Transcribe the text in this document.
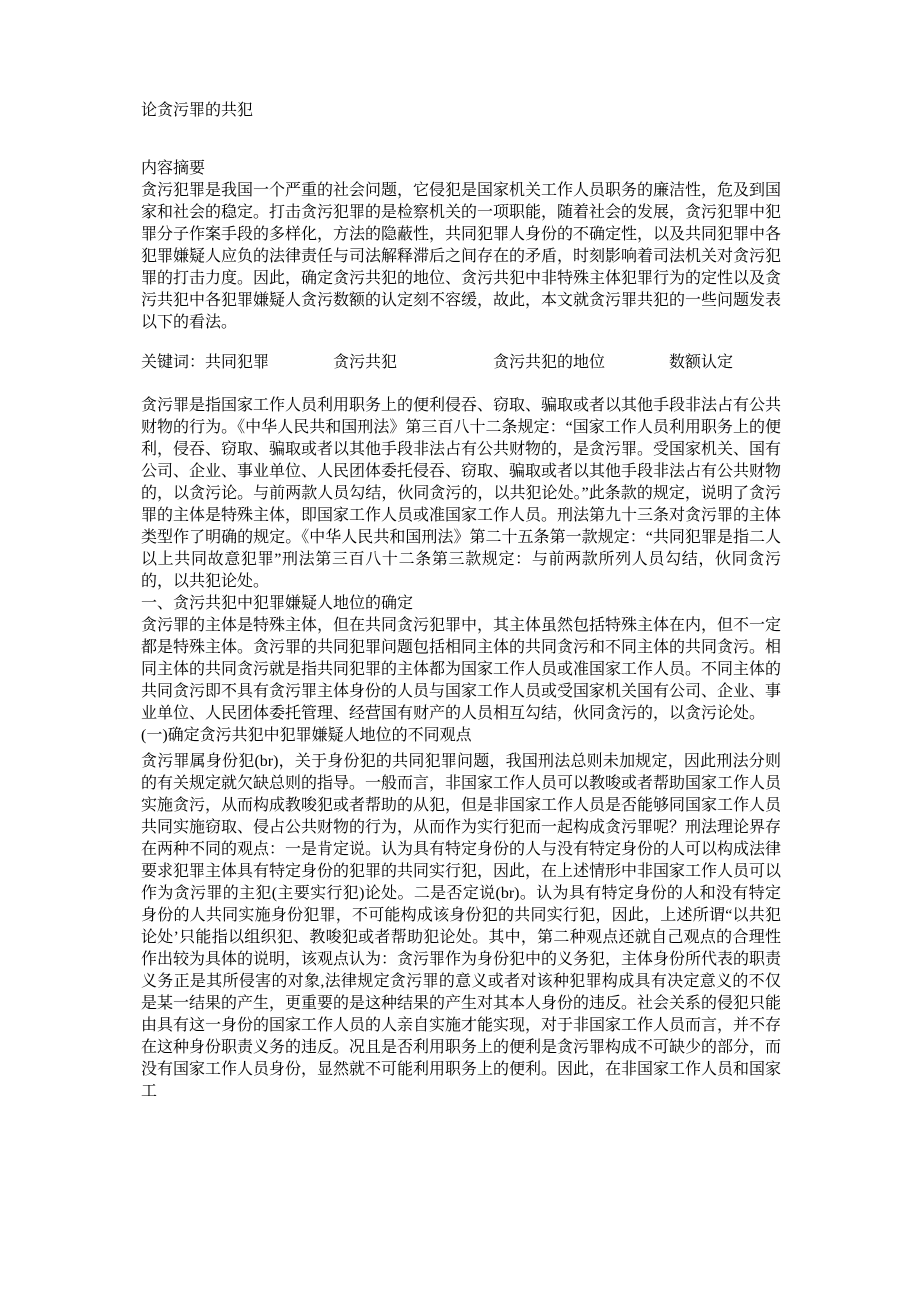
论贪污罪的共犯

内容摘要

贪污犯罪是我国一个严重的社会问题，它侵犯是国家机关工作人员职务的廉洁性，危及到国家和社会的稳定。打击贪污犯罪的是检察机关的一项职能，随着社会的发展，贪污犯罪中犯罪分子作案手段的多样化，方法的隐蔽性，共同犯罪人身份的不确定性，以及共同犯罪中各犯罪嫌疑人应负的法律责任与司法解释滞后之间存在的矛盾，时刻影响着司法机关对贪污犯罪的打击力度。因此，确定贪污共犯的地位、贪污共犯中非特殊主体犯罪行为的定性以及贪污共犯中各犯罪嫌疑人贪污数额的认定刻不容缓，故此，本文就贪污罪共犯的一些问题发表以下的看法。

关键词：共同犯罪　　　　贪污共犯　　　　　　贪污共犯的地位　　　　数额认定

贪污罪是指国家工作人员利用职务上的便利侵吞、窃取、骗取或者以其他手段非法占有公共财物的行为。《中华人民共和国刑法》第三百八十二条规定：“国家工作人员利用职务上的便利，侵吞、窃取、骗取或者以其他手段非法占有公共财物的，是贪污罪。受国家机关、国有公司、企业、事业单位、人民团体委托侵吞、窃取、骗取或者以其他手段非法占有公共财物的，以贪污论。与前两款人员勾结，伙同贪污的，以共犯论处。”此条款的规定，说明了贪污罪的主体是特殊主体，即国家工作人员或准国家工作人员。刑法第九十三条对贪污罪的主体类型作了明确的规定。《中华人民共和国刑法》第二十五条第一款规定：“共同犯罪是指二人以上共同故意犯罪”刑法第三百八十二条第三款规定：与前两款所列人员勾结，伙同贪污的，以共犯论处。

一、贪污共犯中犯罪嫌疑人地位的确定

贪污罪的主体是特殊主体，但在共同贪污犯罪中，其主体虽然包括特殊主体在内，但不一定都是特殊主体。贪污罪的共同犯罪问题包括相同主体的共同贪污和不同主体的共同贪污。相同主体的共同贪污就是指共同犯罪的主体都为国家工作人员或准国家工作人员。不同主体的共同贪污即不具有贪污罪主体身份的人员与国家工作人员或受国家机关国有公司、企业、事业单位、人民团体委托管理、经营国有财产的人员相互勾结，伙同贪污的，以贪污论处。

(一)确定贪污共犯中犯罪嫌疑人地位的不同观点

贪污罪属身份犯(br)，关于身份犯的共同犯罪问题，我国刑法总则未加规定，因此刑法分则的有关规定就欠缺总则的指导。一般而言，非国家工作人员可以教唆或者帮助国家工作人员实施贪污，从而构成教唆犯或者帮助的从犯，但是非国家工作人员是否能够同国家工作人员共同实施窃取、侵占公共财物的行为，从而作为实行犯而一起构成贪污罪呢？刑法理论界存在两种不同的观点：一是肯定说。认为具有特定身份的人与没有特定身份的人可以构成法律要求犯罪主体具有特定身份的犯罪的共同实行犯，因此，在上述情形中非国家工作人员可以作为贪污罪的主犯(主要实行犯)论处。二是否定说(br)。认为具有特定身份的人和没有特定身份的人共同实施身份犯罪，不可能构成该身份犯的共同实行犯，因此，上述所谓“以共犯论处’只能指以组织犯、教唆犯或者帮助犯论处。其中，第二种观点还就自己观点的合理性作出较为具体的说明，该观点认为：贪污罪作为身份犯中的义务犯，主体身份所代表的职责义务正是其所侵害的对象,法律规定贪污罪的意义或者对该种犯罪构成具有决定意义的不仅是某一结果的产生，更重要的是这种结果的产生对其本人身份的违反。社会关系的侵犯只能由具有这一身份的国家工作人员的人亲自实施才能实现，对于非国家工作人员而言，并不存在这种身份职责义务的违反。况且是否利用职务上的便利是贪污罪构成不可缺少的部分，而没有国家工作人员身份，显然就不可能利用职务上的便利。因此，在非国家工作人员和国家工
